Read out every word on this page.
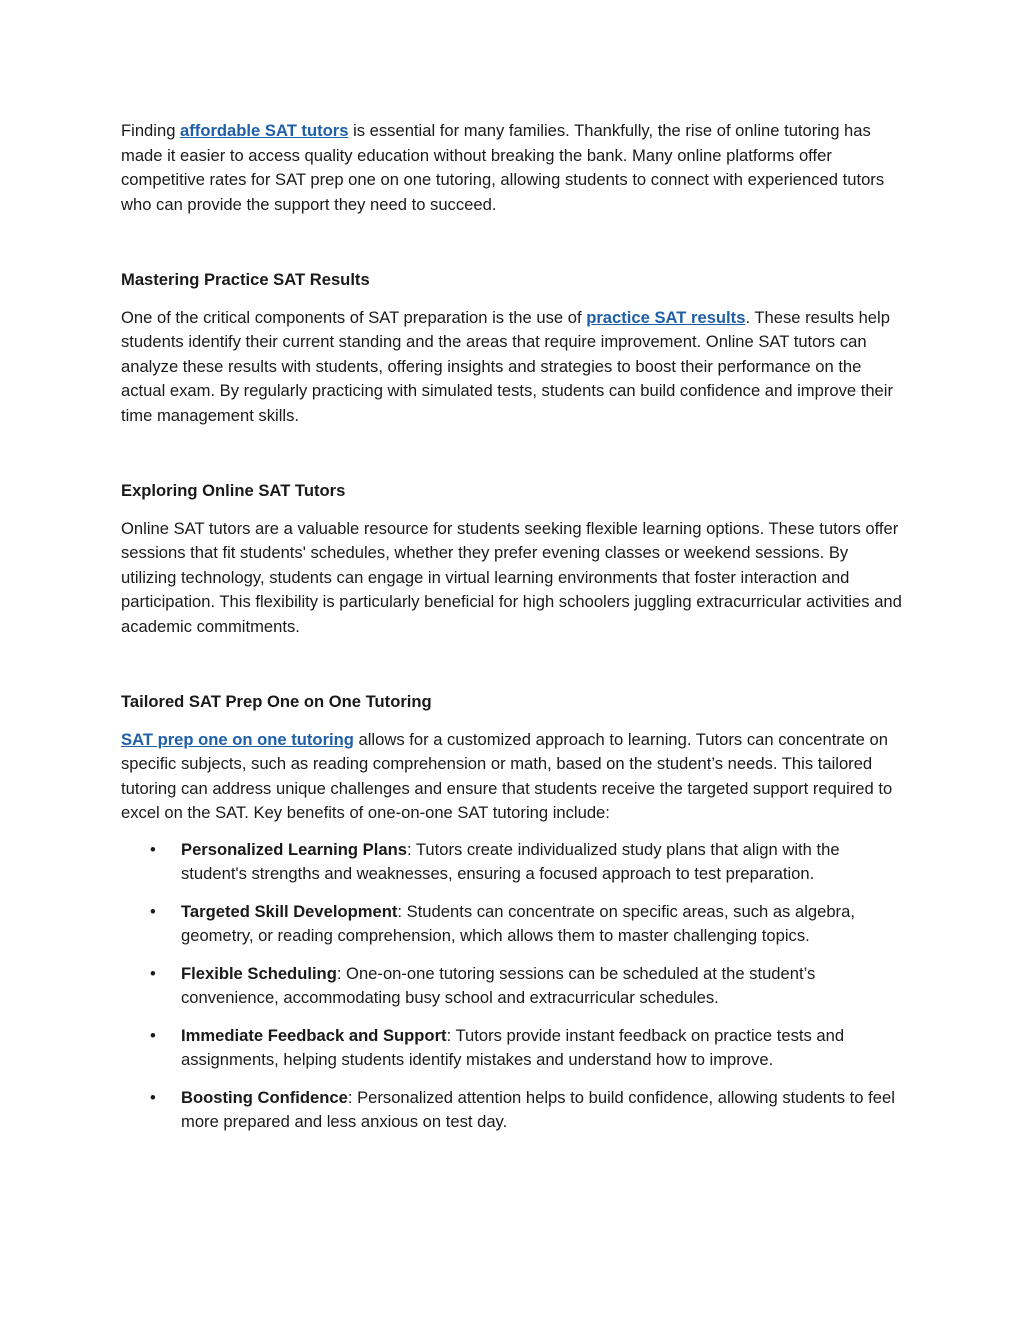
Finding affordable SAT tutors is essential for many families. Thankfully, the rise of online tutoring has made it easier to access quality education without breaking the bank. Many online platforms offer competitive rates for SAT prep one on one tutoring, allowing students to connect with experienced tutors who can provide the support they need to succeed.

Mastering Practice SAT Results

One of the critical components of SAT preparation is the use of practice SAT results. These results help students identify their current standing and the areas that require improvement. Online SAT tutors can analyze these results with students, offering insights and strategies to boost their performance on the actual exam. By regularly practicing with simulated tests, students can build confidence and improve their time management skills.

Exploring Online SAT Tutors

Online SAT tutors are a valuable resource for students seeking flexible learning options. These tutors offer sessions that fit students' schedules, whether they prefer evening classes or weekend sessions. By utilizing technology, students can engage in virtual learning environments that foster interaction and participation. This flexibility is particularly beneficial for high schoolers juggling extracurricular activities and academic commitments.

Tailored SAT Prep One on One Tutoring

SAT prep one on one tutoring allows for a customized approach to learning. Tutors can concentrate on specific subjects, such as reading comprehension or math, based on the student’s needs. This tailored tutoring can address unique challenges and ensure that students receive the targeted support required to excel on the SAT. Key benefits of one-on-one SAT tutoring include:

• Personalized Learning Plans: Tutors create individualized study plans that align with the student's strengths and weaknesses, ensuring a focused approach to test preparation.
• Targeted Skill Development: Students can concentrate on specific areas, such as algebra, geometry, or reading comprehension, which allows them to master challenging topics.
• Flexible Scheduling: One-on-one tutoring sessions can be scheduled at the student’s convenience, accommodating busy school and extracurricular schedules.
• Immediate Feedback and Support: Tutors provide instant feedback on practice tests and assignments, helping students identify mistakes and understand how to improve.
• Boosting Confidence: Personalized attention helps to build confidence, allowing students to feel more prepared and less anxious on test day.
